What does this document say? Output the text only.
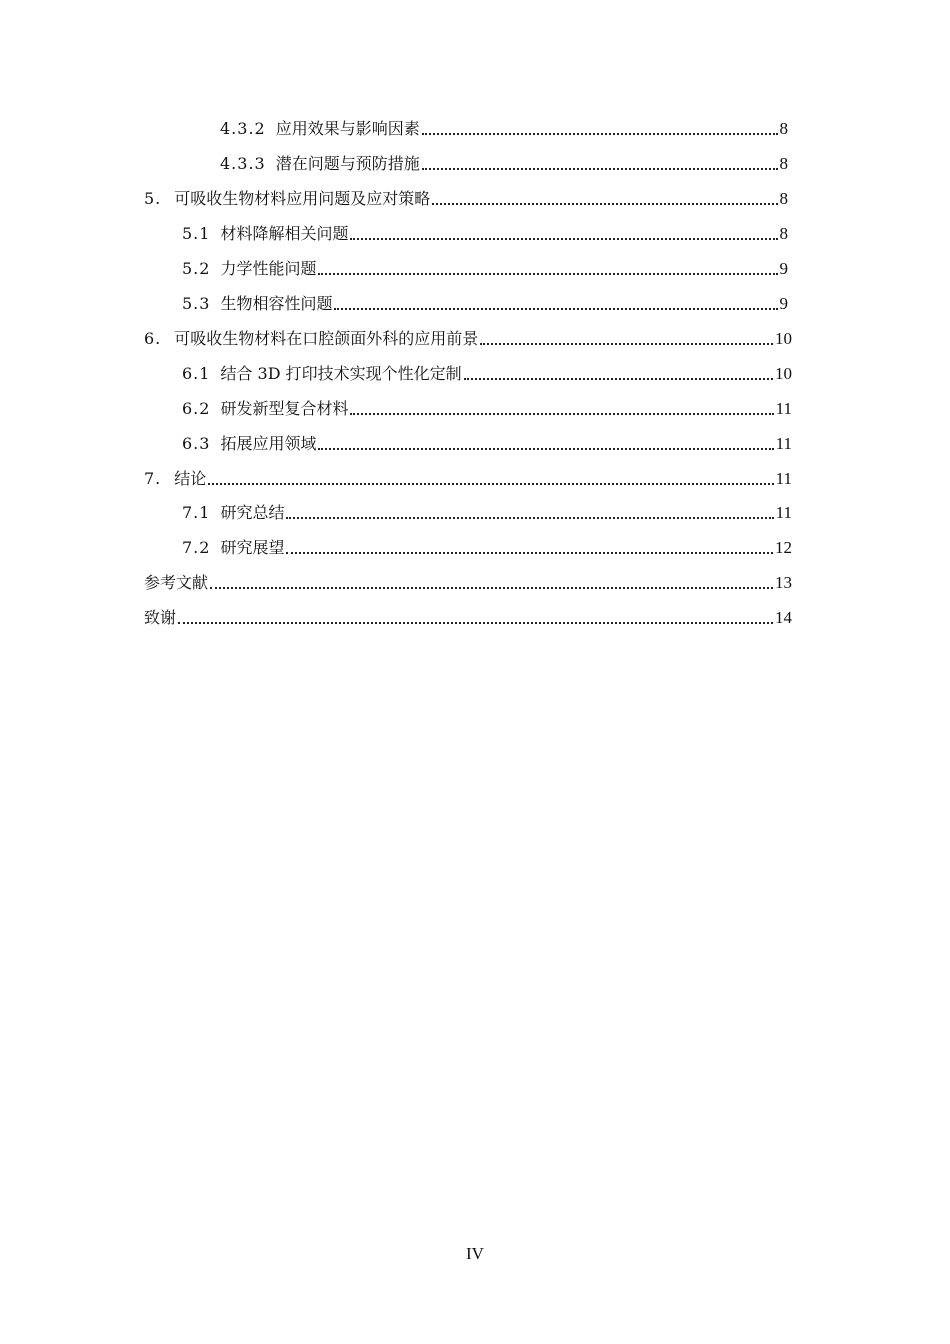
4.3.2 应用效果与影响因素	8
4.3.3 潜在问题与预防措施	8
5. 可吸收生物材料应用问题及应对策略	8
5.1 材料降解相关问题	8
5.2 力学性能问题	9
5.3 生物相容性问题	9
6. 可吸收生物材料在口腔颌面外科的应用前景	10
6.1 结合 3D 打印技术实现个性化定制	10
6.2 研发新型复合材料	11
6.3 拓展应用领域	11
7. 结论	11
7.1 研究总结	11
7.2 研究展望	12
参考文献	13
致谢	14
IV
